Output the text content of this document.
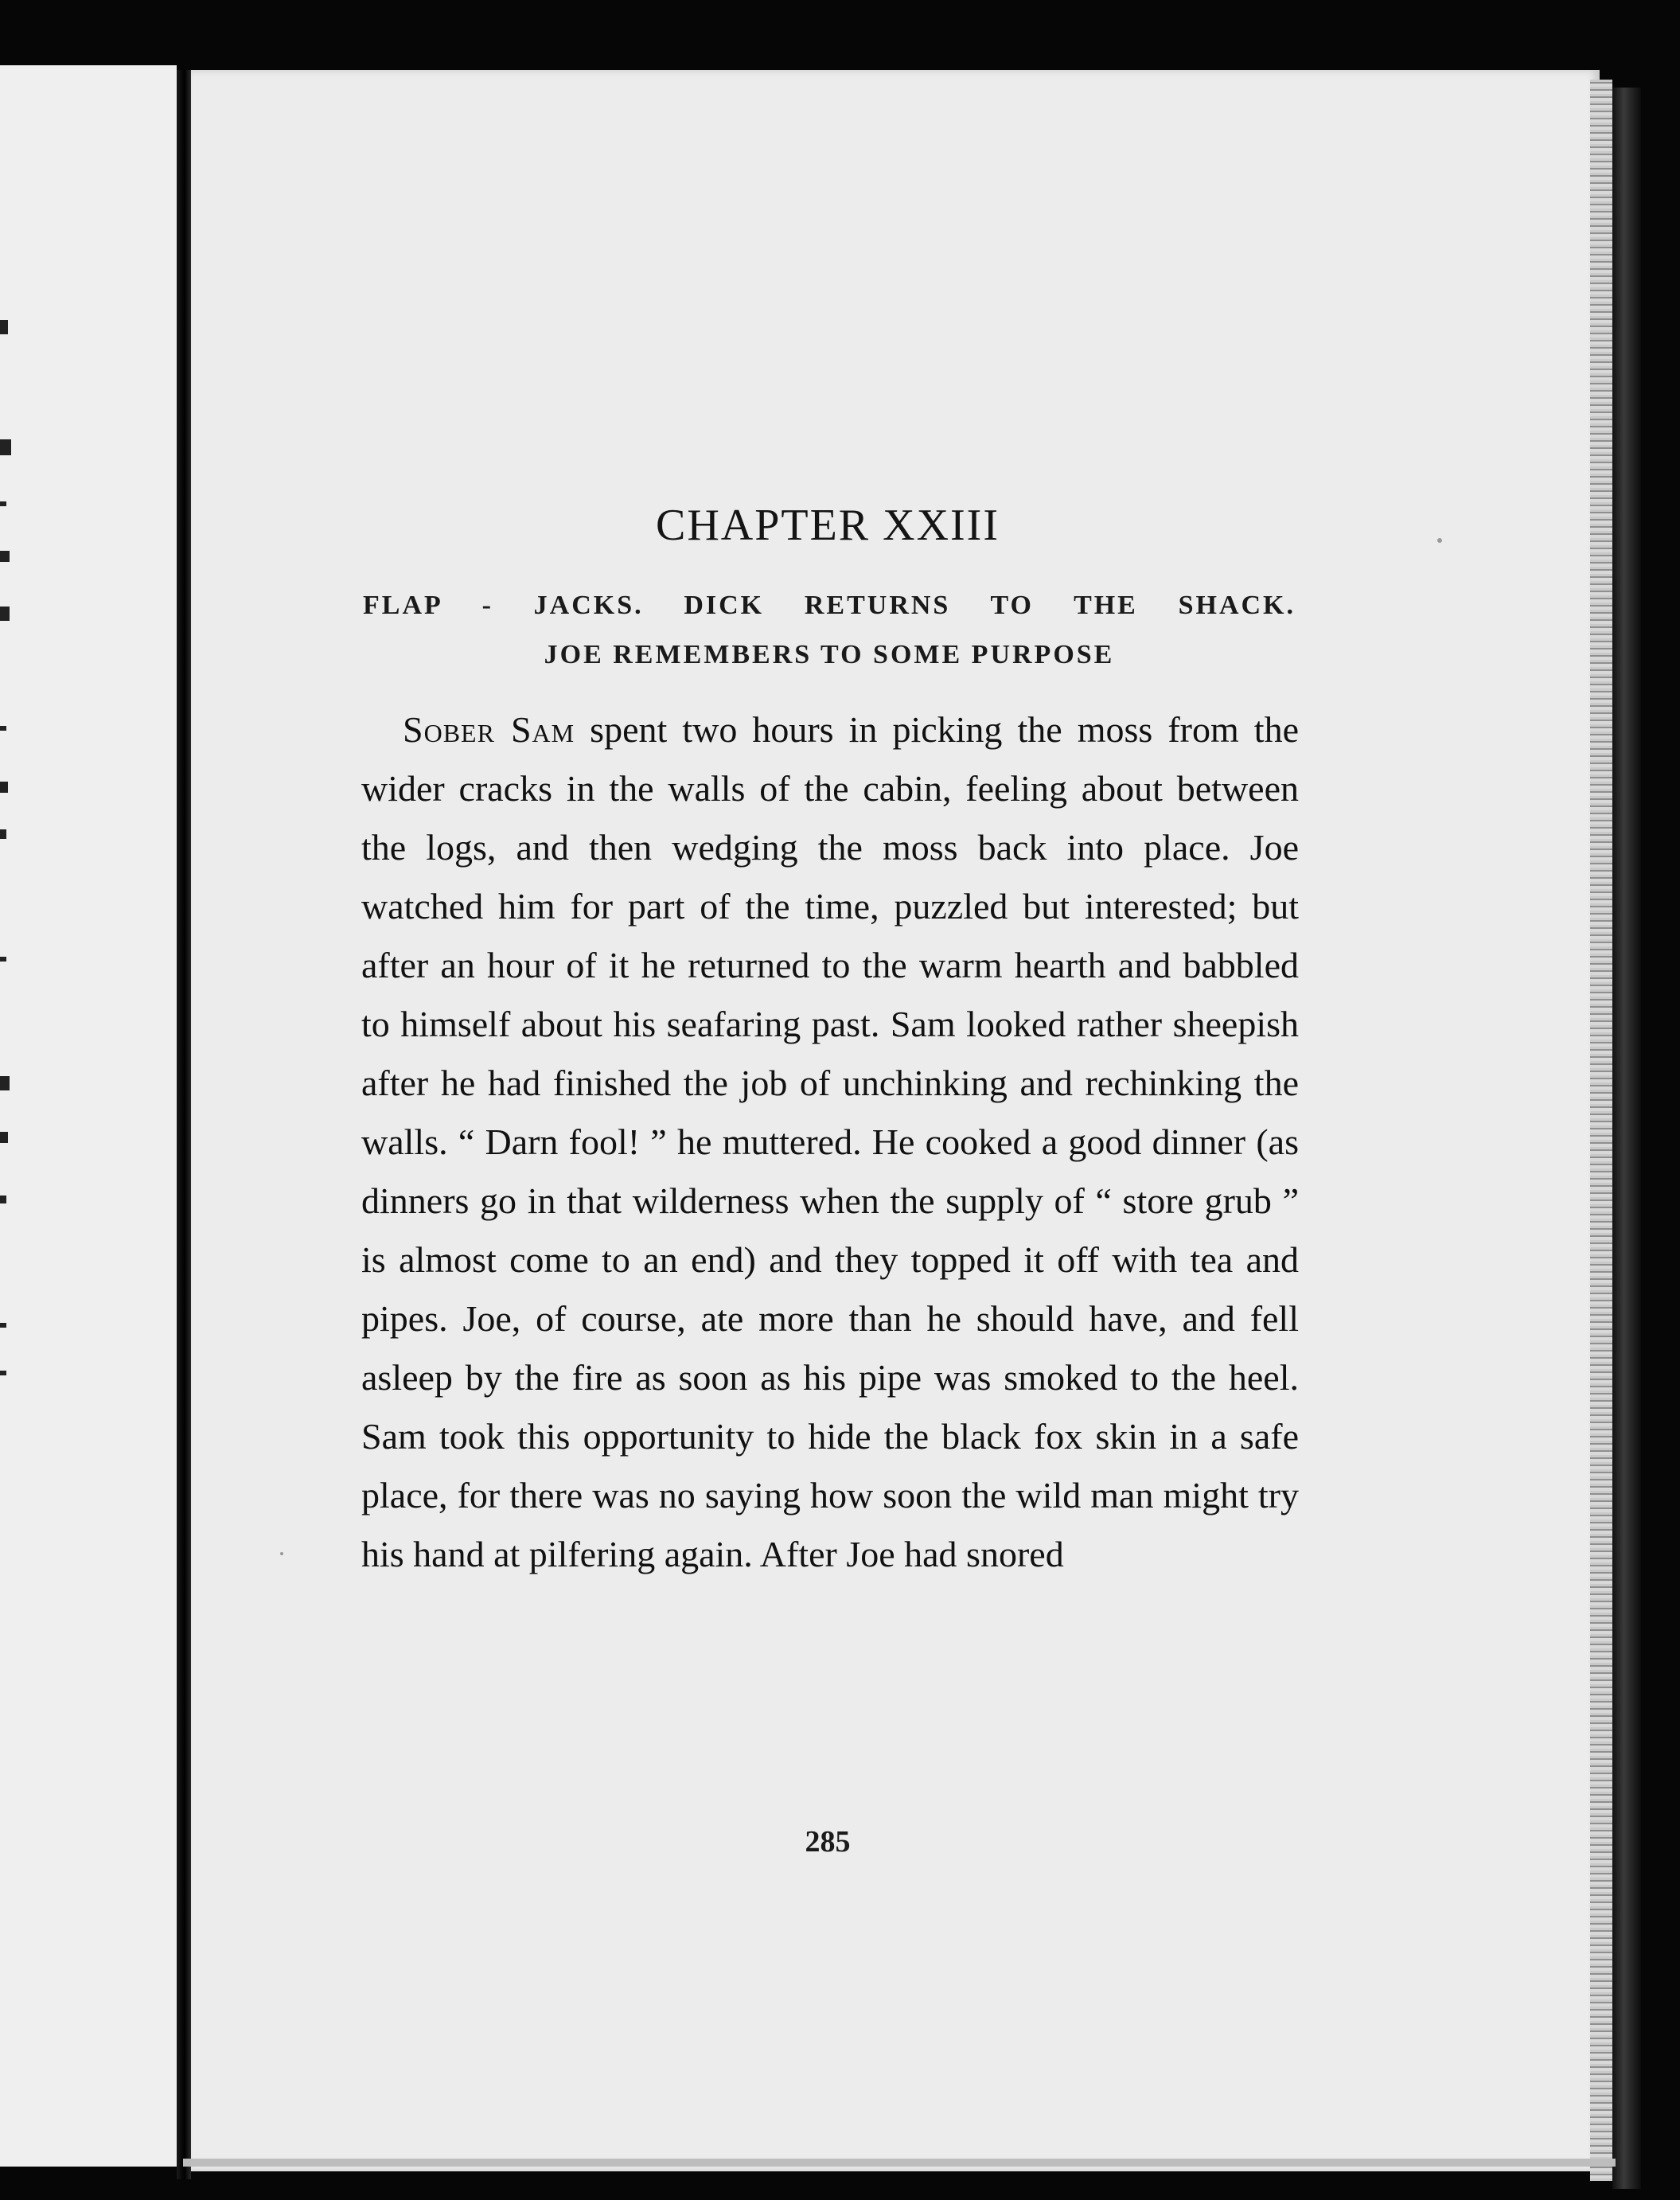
CHAPTER XXIII

FLAP - JACKS. DICK RETURNS TO THE SHACK.

JOE REMEMBERS TO SOME PURPOSE

Sober Sam spent two hours in picking the moss from the wider cracks in the walls of the cabin, feeling about between the logs, and then wedging the moss back into place. Joe watched him for part of the time, puzzled but interested; but after an hour of it he returned to the warm hearth and babbled to himself about his seafaring past. Sam looked rather sheepish after he had finished the job of unchinking and rechinking the walls. “ Darn fool! ” he muttered. He cooked a good dinner (as dinners go in that wilderness when the supply of “ store grub ” is almost come to an end) and they topped it off with tea and pipes. Joe, of course, ate more than he should have, and fell asleep by the fire as soon as his pipe was smoked to the heel. Sam took this opportunity to hide the black fox skin in a safe place, for there was no saying how soon the wild man might try his hand at pilfering again. After Joe had snored

285
